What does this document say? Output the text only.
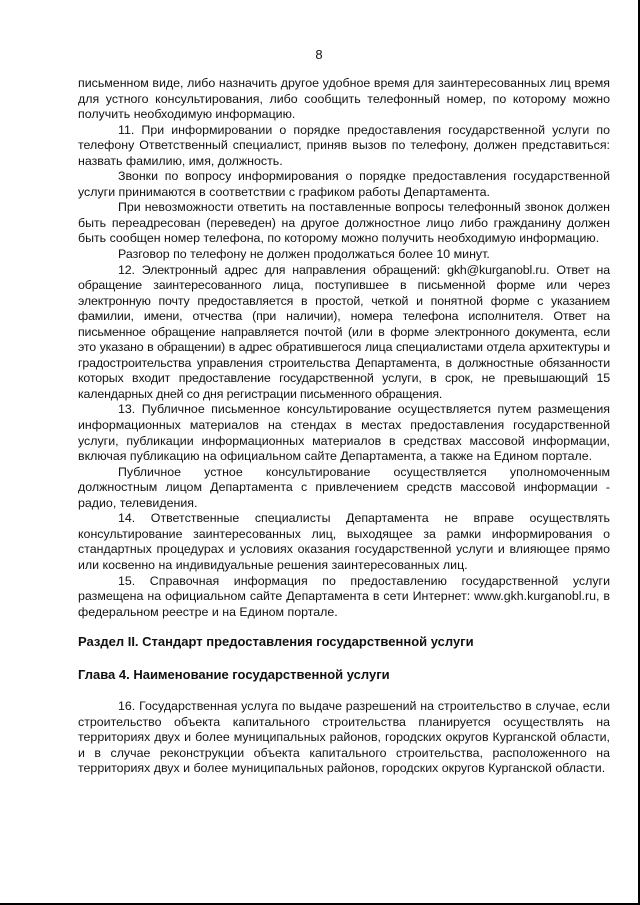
8

письменном виде, либо назначить другое удобное время для заинтересованных лиц время для устного консультирования, либо сообщить телефонный номер, по которому можно получить необходимую информацию.

11. При информировании о порядке предоставления государственной услуги по телефону Ответственный специалист, приняв вызов по телефону, должен представиться: назвать фамилию, имя, должность.

Звонки по вопросу информирования о порядке предоставления государственной услуги принимаются в соответствии с графиком работы Департамента.

При невозможности ответить на поставленные вопросы телефонный звонок должен быть переадресован (переведен) на другое должностное лицо либо гражданину должен быть сообщен номер телефона, по которому можно получить необходимую информацию.

Разговор по телефону не должен продолжаться более 10 минут.

12. Электронный адрес для направления обращений: gkh@kurganobl.ru. Ответ на обращение заинтересованного лица, поступившее в письменной форме или через электронную почту предоставляется в простой, четкой и понятной форме с указанием фамилии, имени, отчества (при наличии), номера телефона исполнителя. Ответ на письменное обращение направляется почтой (или в форме электронного документа, если это указано в обращении) в адрес обратившегося лица специалистами отдела архитектуры и градостроительства управления строительства Департамента, в должностные обязанности которых входит предоставление государственной услуги, в срок, не превышающий 15 календарных дней со дня регистрации письменного обращения.

13. Публичное письменное консультирование осуществляется путем размещения информационных материалов на стендах в местах предоставления государственной услуги, публикации информационных материалов в средствах массовой информации, включая публикацию на официальном сайте Департамента, а также на Едином портале.

Публичное устное консультирование осуществляется уполномоченным должностным лицом Департамента с привлечением средств массовой информации - радио, телевидения.

14. Ответственные специалисты Департамента не вправе осуществлять консультирование заинтересованных лиц, выходящее за рамки информирования о стандартных процедурах и условиях оказания государственной услуги и влияющее прямо или косвенно на индивидуальные решения заинтересованных лиц.

15. Справочная информация по предоставлению государственной услуги размещена на официальном сайте Департамента в сети Интернет: www.gkh.kurganobl.ru, в федеральном реестре и на Едином портале.

Раздел II. Стандарт предоставления государственной услуги

Глава 4. Наименование государственной услуги

16. Государственная услуга по выдаче разрешений на строительство в случае, если строительство объекта капитального строительства планируется осуществлять на территориях двух и более муниципальных районов, городских округов Курганской области, и в случае реконструкции объекта капитального строительства, расположенного на территориях двух и более муниципальных районов, городских округов Курганской области.
